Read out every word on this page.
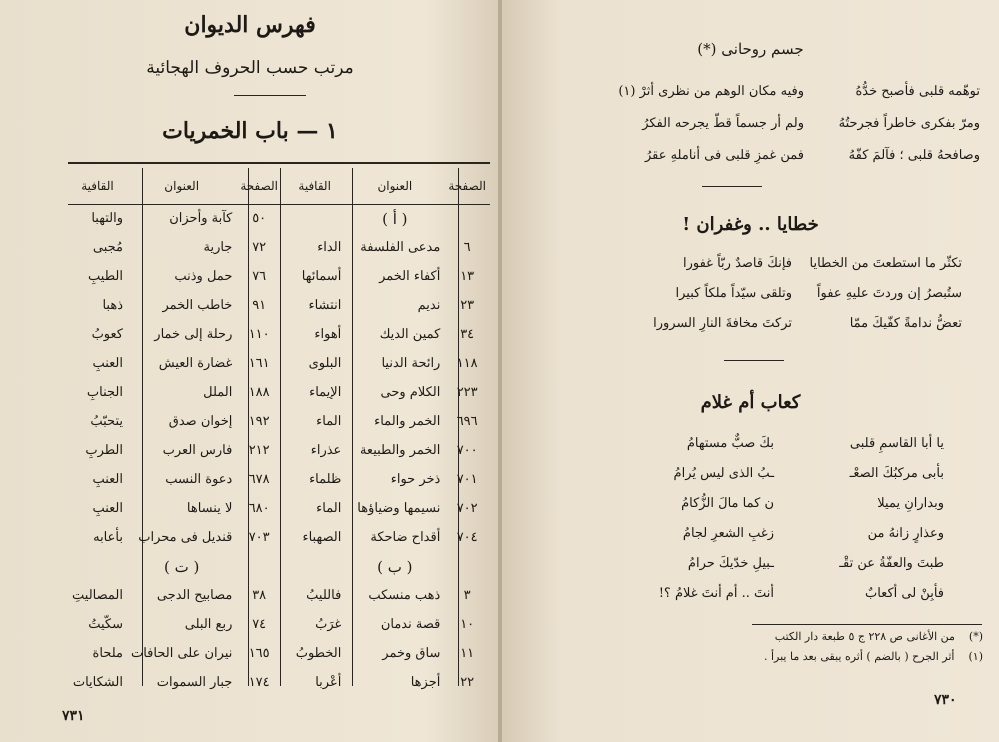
فهرس الديوان
مرتب حسب الحروف الهجائية
١ — باب الخمريات
الصفحة	العنوان	القافية
	( أ )	
٦	مدعى الفلسفة	الداء
١٣	أكفاء الخمر	أسمائها
٢٣	نديم	انتشاء
٣٤	كمين الديك	أهواء
١١٨	رائحة الدنيا	البلوى
٢٢٣	الكلام وحى	الإيماء
٦٩٦	الخمر والماء	الماء
٧٠٠	الخمر والطبيعة	عذراء
٧٠١	ذخر حواء	ظلماء
٧٠٢	نسيمها وضياؤها	الماء
٧٠٤	أقداح ضاحكة	الصهباء
	( ب )	
٣	ذهب منسكب	فالليبُ
١٠	قصة ندمان	غرَبُ
١١	ساق وخمر	الخطوبُ
٢٢	أجزها	أعْربا
الصفحة	العنوان	القافية
٥٠	كآبة وأحزان	والتهبا
٧٢	جارية	مُجبى
٧٦	حمل وذنب	الطيبِ
٩١	خاطب الخمر	ذهبا
١١٠	رحلة إلى خمار	كعوبُ
١٦١	غضارة العيش	العنبِ
١٨٨	الملل	الجنابِ
١٩٢	إخوان صدق	يتحبّبُ
٢١٢	فارس العرب	الطربِ
٦٧٨	دعوة النسب	العنبِ
٦٨٠	لا ينساها	العنبِ
٧٠٣	قنديل فى محراب	بأعابه
	( ت )	
٣٨	مصابيح الدجى	المصاليتِ
٧٤	ربع البلى	سكّيتُ
١٦٥	نيران على الحافات	ملحاة
١٧٤	جبار السموات	الشكايات
٧٣١
جسم روحانى (*)
توهّمه قلبى فأصبح خدُّهُ
وفيه مكان الوهم من نظرى أثرْ (١)
ومرّ بفكرى خاطراً فجرحتُهُ
ولم أر جسماً قطّ يجرحه الفكرُ
وصافحهُ قلبى ؛ فآلمَ كفّهُ
فمن غمزِ قلبى فى أناملهِ عقرُ
خطايا .. وغفران !
تكثّر ما استطعتَ من الخطايا
فإنكَ قاصدٌ ربّاً غفورا
ستُبصرُ إن وردتَ عليهِ عفواً
وتلقى سيّداً ملكاً كبيرا
تعضُّ ندامةً كفّيكَ ممّا
تركتَ مخافةَ النارِ السرورا
كعاب أم غلام
يا أبا القاسمِ قلبى
بكَ صبٌّ مستهامُ
بأبى مركبُكَ الصعْـ
ـبُ الذى ليس يُرامُ
وبدارانِ يميلا
ن كما مالَ الزُّكامُ
وعذارٍ زانهُ من
زغبِ الشعرِ لجامُ
طبتَ والعفّةُ عن تقْـ
ـبيلِ خدّيكَ حرامُ
فأبِنْ لى أكعابٌ
أنتَ .. أم أنتَ غلامُ ؟!
(*)من الأغانى ص ٢٢٨ ج ٥ طبعة دار الكتب
(١)أثر الجرح ( بالضم ) أثره يبقى بعد ما يبرأ .
٧٣٠
